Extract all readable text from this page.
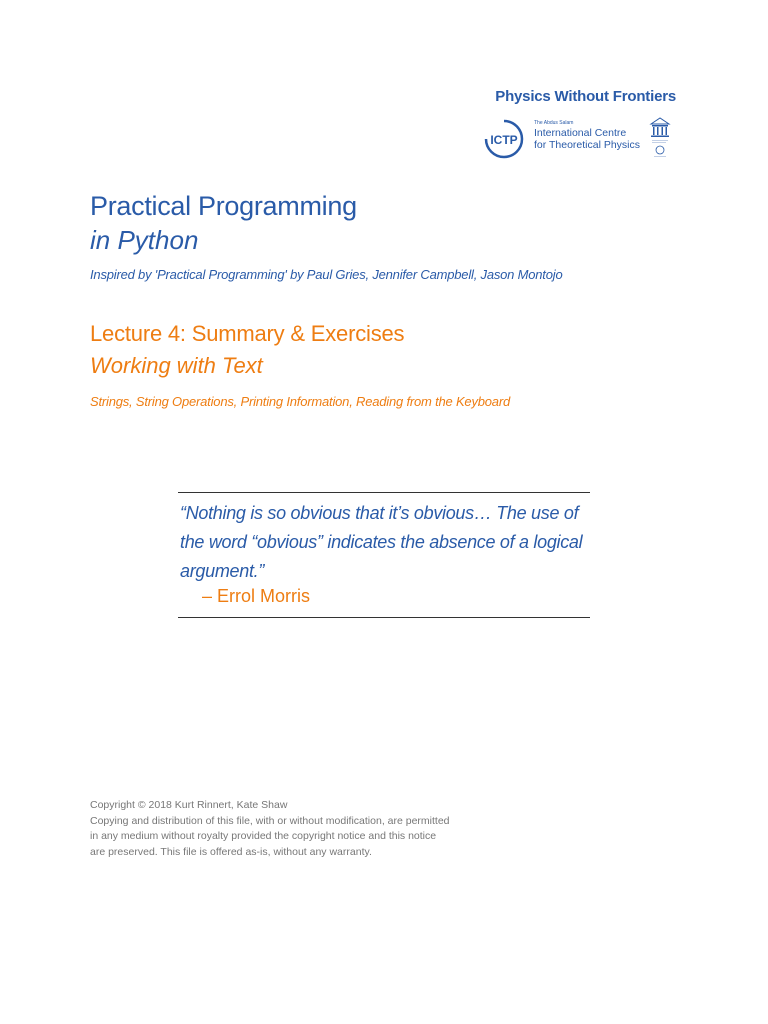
Physics Without Frontiers
ICTP
The Abdus Salam
International Centre
for Theoretical Physics
Practical Programming
in Python
Inspired by 'Practical Programming' by Paul Gries, Jennifer Campbell, Jason Montojo
Lecture 4: Summary & Exercises
Working with Text
Strings, String Operations, Printing Information, Reading from the Keyboard
“Nothing is so obvious that it’s obvious… The use of the word “obvious” indicates the absence of a logical argument.”
– Errol Morris
Copyright © 2018 Kurt Rinnert, Kate Shaw
Copying and distribution of this file, with or without modification, are permitted in any medium without royalty provided the copyright notice and this notice are preserved. This file is offered as-is, without any warranty.
